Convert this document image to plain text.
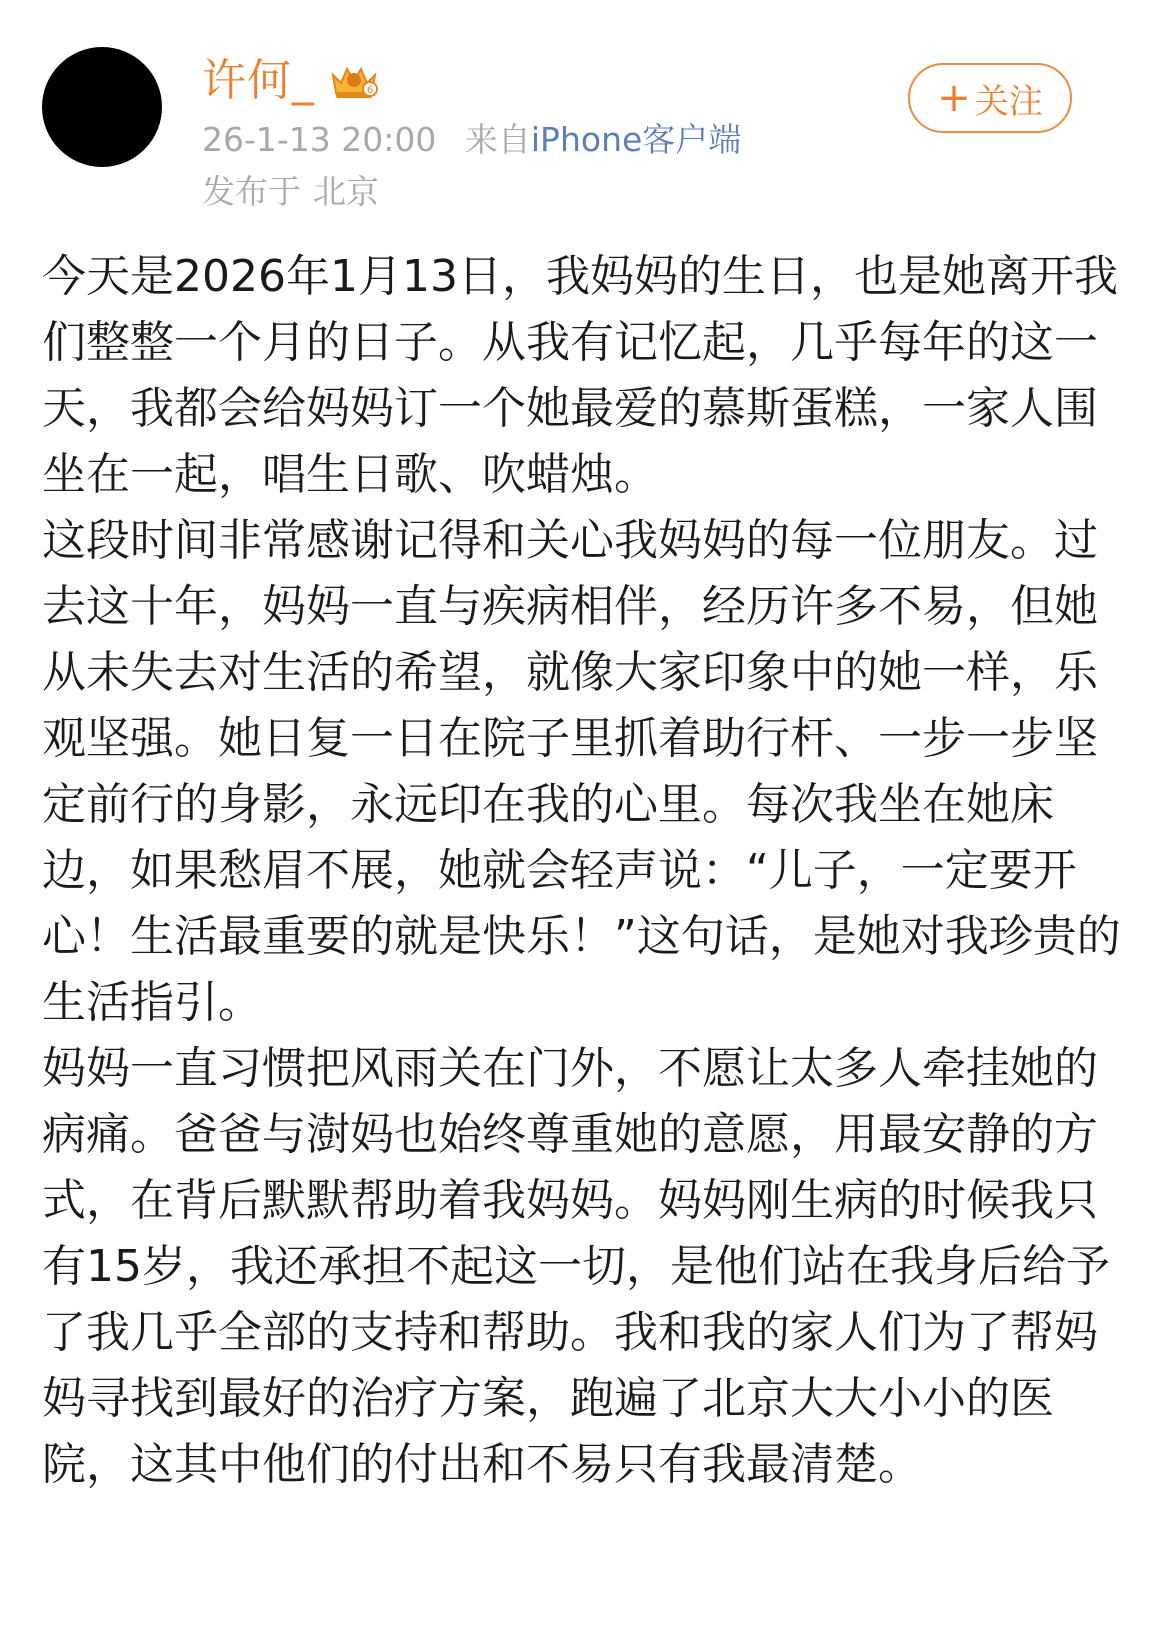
许何_	6
26-1-13 20:00 来自iPhone客户端
发布于 北京
+ 关注

今天是2026年1月13日，我妈妈的生日，也是她离开我们整整一个月的日子。从我有记忆起，几乎每年的这一天，我都会给妈妈订一个她最爱的慕斯蛋糕，一家人围坐在一起，唱生日歌、吹蜡烛。

这段时间非常感谢记得和关心我妈妈的每一位朋友。过去这十年，妈妈一直与疾病相伴，经历许多不易，但她从未失去对生活的希望，就像大家印象中的她一样，乐观坚强。她日复一日在院子里抓着助行杆、一步一步坚定前行的身影，永远印在我的心里。每次我坐在她床边，如果愁眉不展，她就会轻声说：“儿子，一定要开心！生活最重要的就是快乐！”这句话，是她对我珍贵的生活指引。

妈妈一直习惯把风雨关在门外，不愿让太多人牵挂她的病痛。爸爸与澍妈也始终尊重她的意愿，用最安静的方式，在背后默默帮助着我妈妈。妈妈刚生病的时候我只有15岁，我还承担不起这一切，是他们站在我身后给予了我几乎全部的支持和帮助。我和我的家人们为了帮妈妈寻找到最好的治疗方案，跑遍了北京大大小小的医院，这其中他们的付出和不易只有我最清楚。
